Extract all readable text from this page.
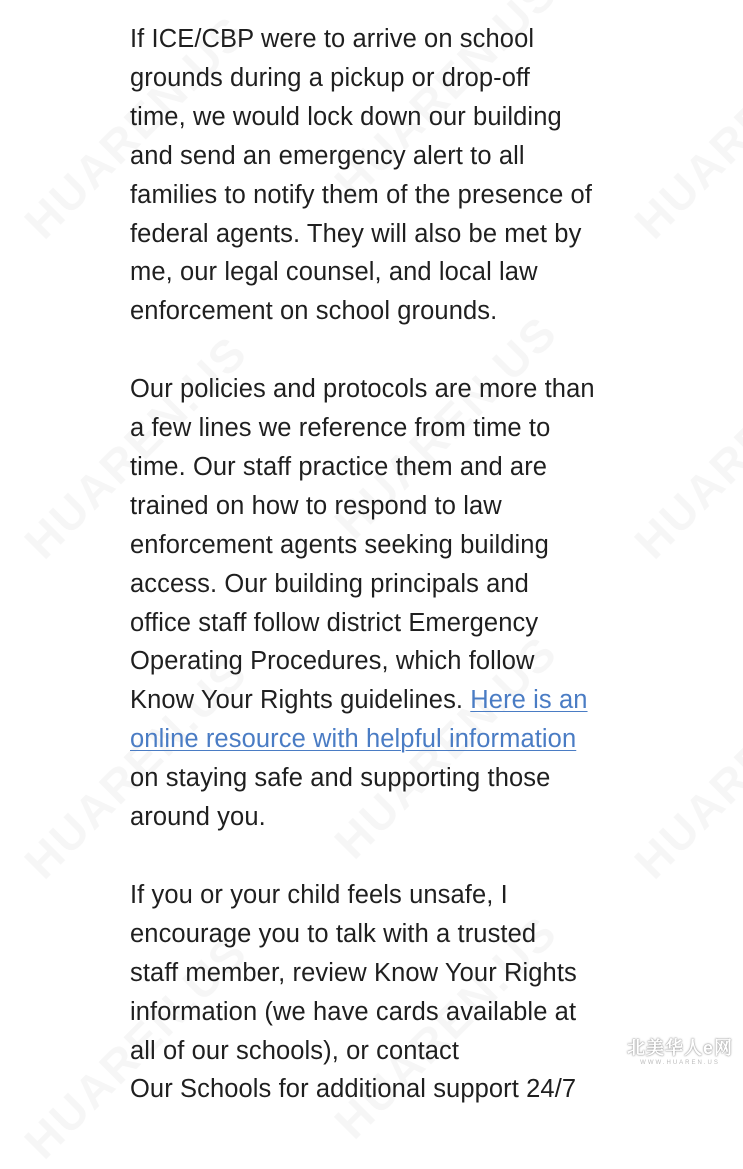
If ICE/CBP were to arrive on school
grounds during a pickup or drop-off
time, we would lock down our building
and send an emergency alert to all
families to notify them of the presence of
federal agents. They will also be met by
me, our legal counsel, and local law
enforcement on school grounds.

Our policies and protocols are more than
a few lines we reference from time to
time. Our staff practice them and are
trained on how to respond to law
enforcement agents seeking building
access. Our building principals and
office staff follow district Emergency
Operating Procedures, which follow
Know Your Rights guidelines. Here is an
online resource with helpful information
on staying safe and supporting those
around you.

If you or your child feels unsafe, I
encourage you to talk with a trusted
staff member, review Know Your Rights
information (we have cards available at
all of our schools), or contact
Our Schools for additional support 24/7

北美华人e网
WWW.HUAREN.US
